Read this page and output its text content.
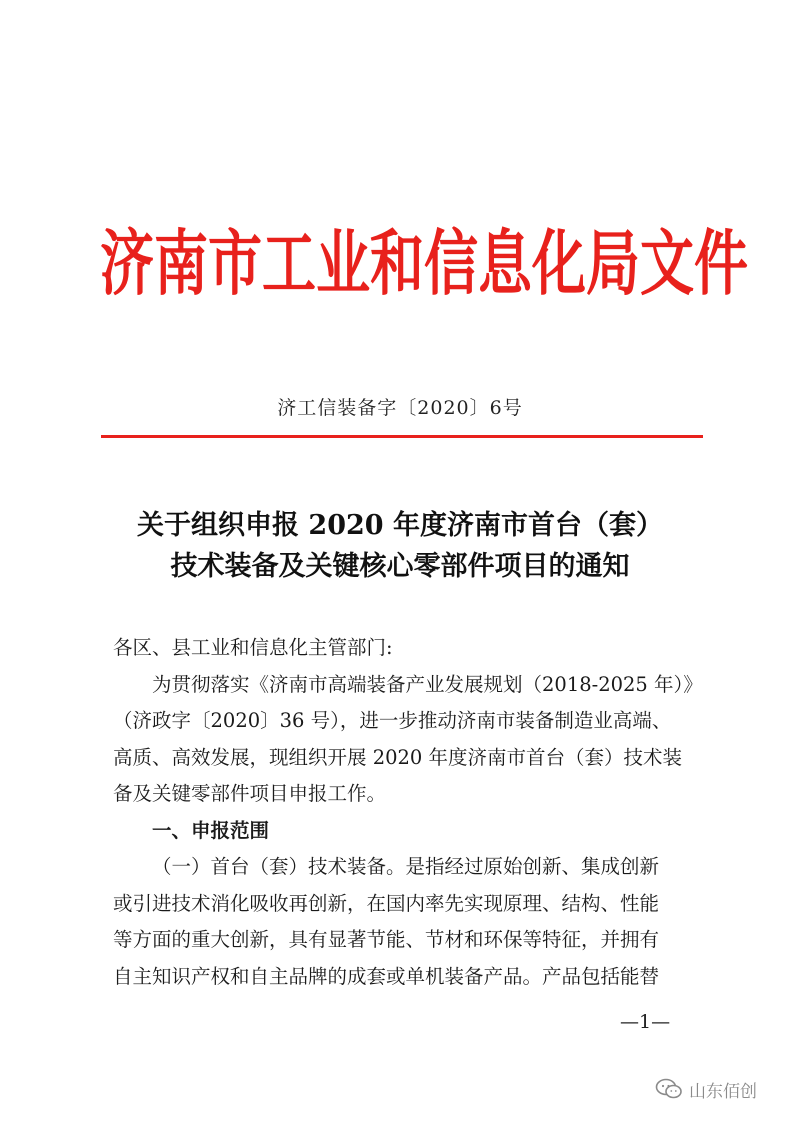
济南市工业和信息化局文件
济工信装备字〔2020〕6号
关于组织申报 2020 年度济南市首台（套）
技术装备及关键核心零部件项目的通知

各区、县工业和信息化主管部门:

为贯彻落实《济南市高端装备产业发展规划（2018-2025 年）》

（济政字〔2020〕36 号），进一步推动济南市装备制造业高端、

高质、高效发展，现组织开展 2020 年度济南市首台（套）技术装

备及关键零部件项目申报工作。

一、申报范围

（一）首台（套）技术装备。是指经过原始创新、集成创新

或引进技术消化吸收再创新，在国内率先实现原理、结构、性能

等方面的重大创新，具有显著节能、节材和环保等特征，并拥有

自主知识产权和自主品牌的成套或单机装备产品。产品包括能替

—1—
山东佰创
